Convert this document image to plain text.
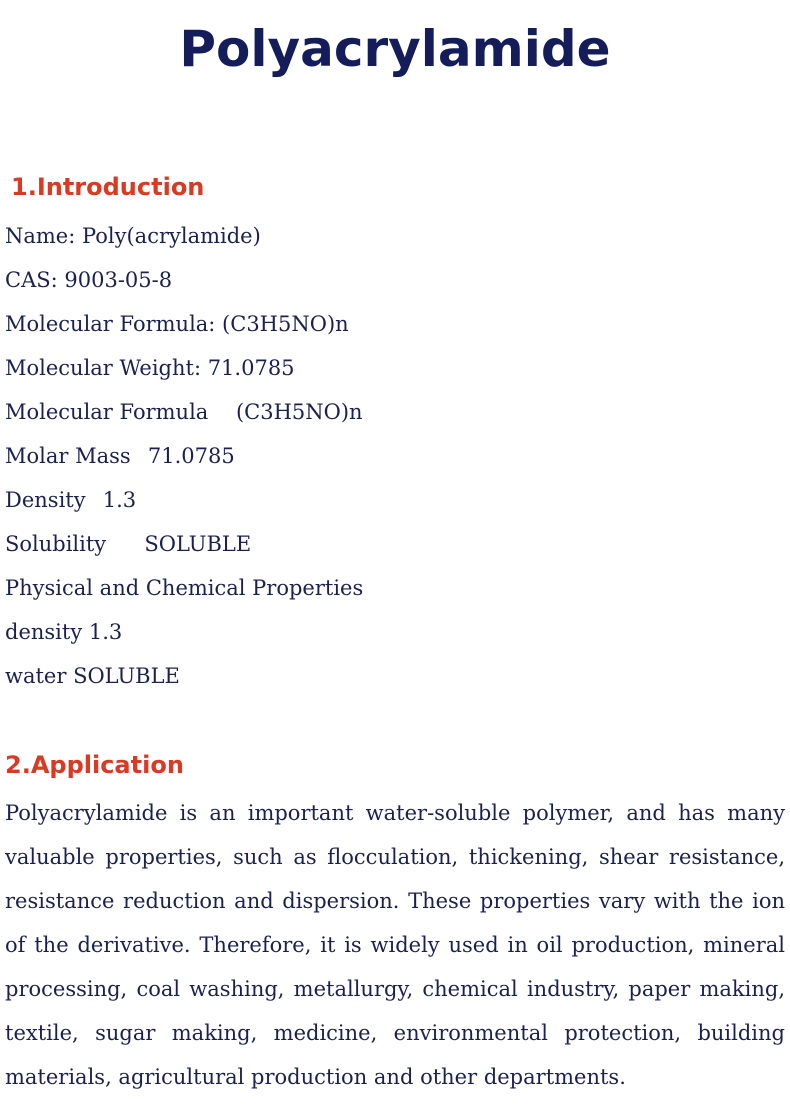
Polyacrylamide
1.Introduction
Name: Poly(acrylamide)
CAS: 9003-05-8
Molecular Formula: (C3H5NO)n
Molecular Weight: 71.0785
Molecular Formula  (C3H5NO)n
Molar Mass  71.0785
Density  1.3
Solubility   SOLUBLE
Physical and Chemical Properties
density 1.3
water SOLUBLE
2.Application

Polyacrylamide is an important water-soluble polymer, and has many valuable properties, such as flocculation, thickening, shear resistance, resistance reduction and dispersion. These properties vary with the ion of the derivative. Therefore, it is widely used in oil production, mineral processing, coal washing, metallurgy, chemical industry, paper making, textile, sugar making, medicine, environmental protection, building materials, agricultural production and other departments.
